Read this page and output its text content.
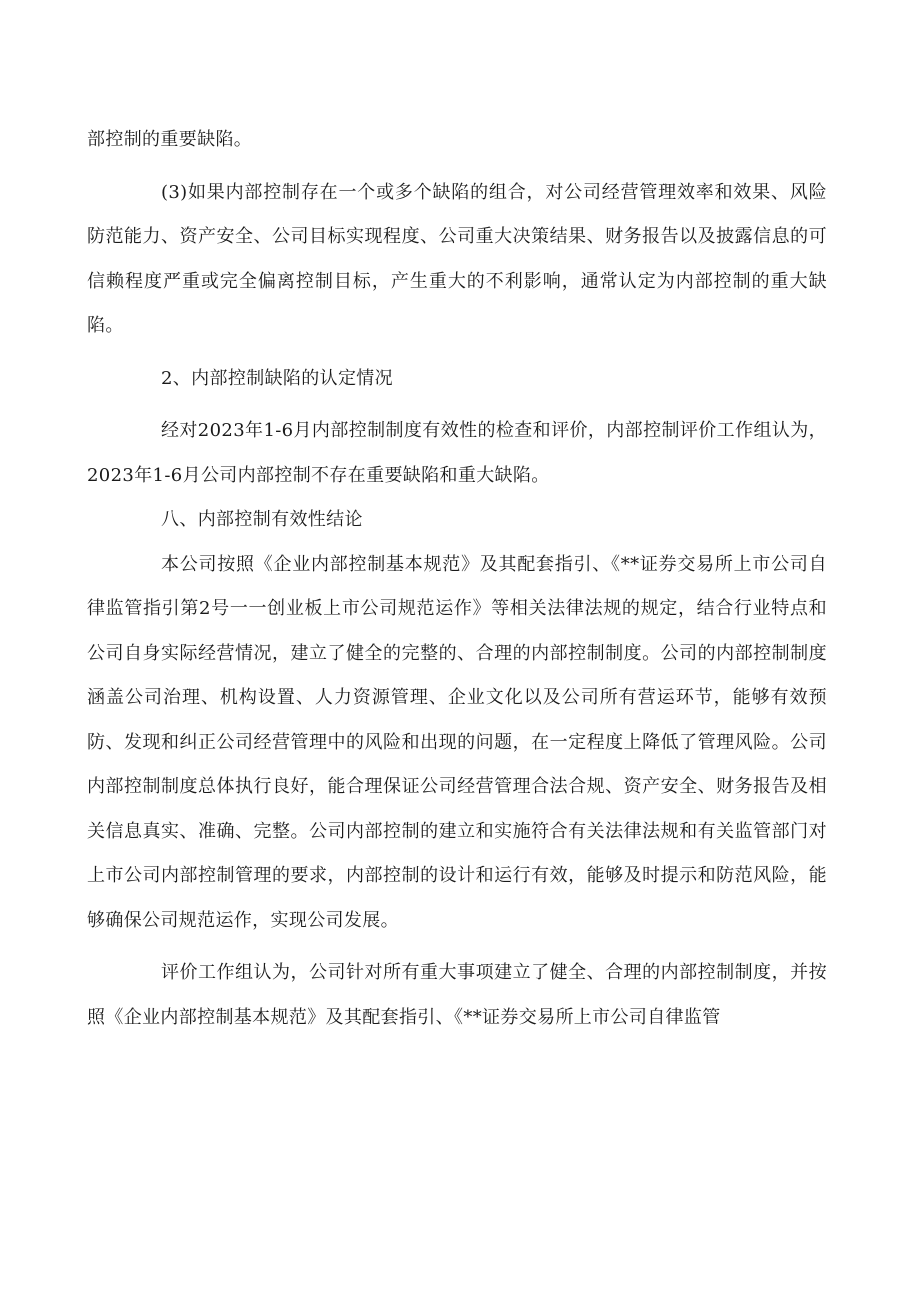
部控制的重要缺陷。

(3)如果内部控制存在一个或多个缺陷的组合，对公司经营管理效率和效果、风险防范能力、资产安全、公司目标实现程度、公司重大决策结果、财务报告以及披露信息的可信赖程度严重或完全偏离控制目标，产生重大的不利影响，通常认定为内部控制的重大缺陷。

2、内部控制缺陷的认定情况

经对2023年1-6月内部控制制度有效性的检查和评价，内部控制评价工作组认为，2023年1-6月公司内部控制不存在重要缺陷和重大缺陷。

八、内部控制有效性结论

本公司按照《企业内部控制基本规范》及其配套指引、《**证券交易所上市公司自律监管指引第2号一一创业板上市公司规范运作》等相关法律法规的规定，结合行业特点和公司自身实际经营情况，建立了健全的完整的、合理的内部控制制度。公司的内部控制制度涵盖公司治理、机构设置、人力资源管理、企业文化以及公司所有营运环节，能够有效预防、发现和纠正公司经营管理中的风险和出现的问题，在一定程度上降低了管理风险。公司内部控制制度总体执行良好，能合理保证公司经营管理合法合规、资产安全、财务报告及相关信息真实、准确、完整。公司内部控制的建立和实施符合有关法律法规和有关监管部门对上市公司内部控制管理的要求，内部控制的设计和运行有效，能够及时提示和防范风险，能够确保公司规范运作，实现公司发展。

评价工作组认为，公司针对所有重大事项建立了健全、合理的内部控制制度，并按照《企业内部控制基本规范》及其配套指引、《**证券交易所上市公司自律监管
